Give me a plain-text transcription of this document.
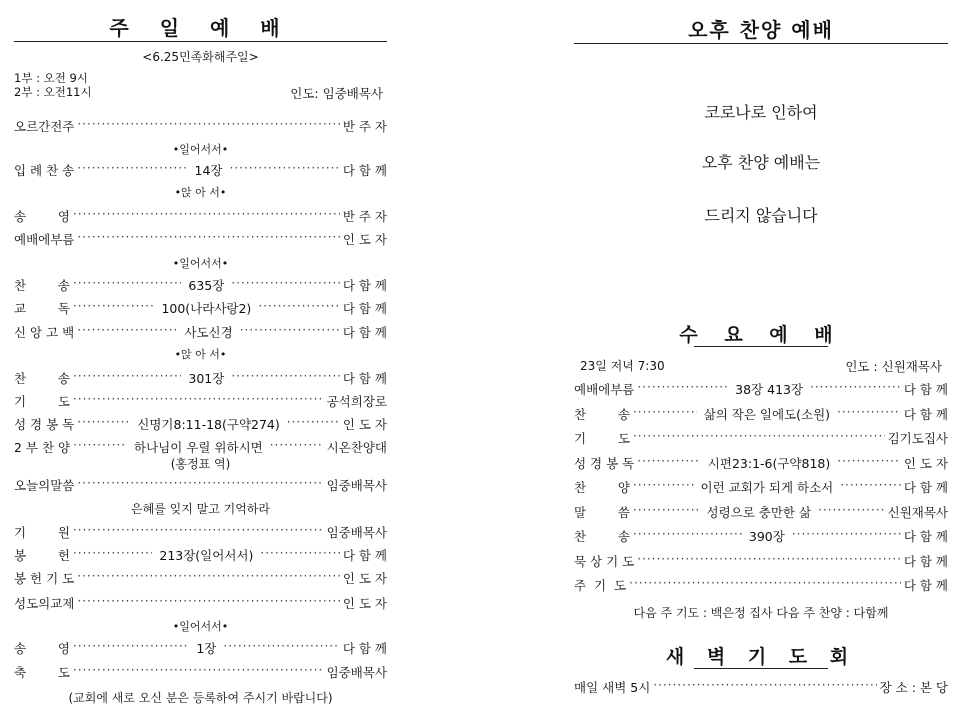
주 일 예 배
<6.25민족화해주일>
1부 : 오전 9시
2부 : 오전11시	인도: 임중배목사
오르간전주 ·····	반 주 자
•일어서서•
입 례 찬 송 ·····	14장 ·····	다 함 께
•앉 아 서•
송        영 ·····	반 주 자
예배에부름 ·····	인 도 자
•일어서서•
찬        송 ·····	635장 ·····	다 함 께
교        독 ·····	100(나라사랑2) ·····	다 함 께
신 앙 고 백 ·····	사도신경 ·····	다 함 께
•앉 아 서•
찬        송 ·····	301장 ·····	다 함 께
기        도 ·····	공석희장로
성 경 봉 독 ·····	신명기8:11-18(구약274) ·····	인 도 자
2 부 찬 양 ·····	하나님이 우릴 위하시면 ·····	시온찬양대
(홍정표 역)
오늘의말씀 ·····	임중배목사
은혜를 잊지 말고 기억하라
기        원 ·····	임중배목사
봉        헌 ·····	213장(일어서서) ·····	다 함 께
봉 헌 기 도 ·····	인 도 자
성도의교제 ·····	인 도 자
•일어서서•
송        영 ·····	1장 ·····	다 함 께
축        도 ·····	임중배목사
(교회에 새로 오신 분은 등록하여 주시기 바랍니다)
오후 찬양 예배
코로나로 인하여
오후 찬양 예배는
드리지 않습니다
수 요 예 배
23일 저녁 7:30	인도 : 신원재목사
예배에부름 ·····	38장 413장 ·····	다 함 께
찬        송 ·····	삶의 작은 일에도(소원) ·····	다 함 께
기        도 ·····	김기도집사
성 경 봉 독 ·····	시편23:1-6(구약818) ·····	인 도 자
찬        양 ·····	이런 교회가 되게 하소서 ·····	다 함 께
말        씀 ·····	성령으로 충만한 삶 ·····	신원재목사
찬        송 ·····	390장 ·····	다 함 께
묵 상 기 도 ·····	다 함 께
주  기  도 ·····	다 함 께
다음 주 기도 : 백은정 집사 다음 주 찬양 : 다함께
새 벽 기 도 회
매일 새벽 5시 ·····	장 소 : 본 당
